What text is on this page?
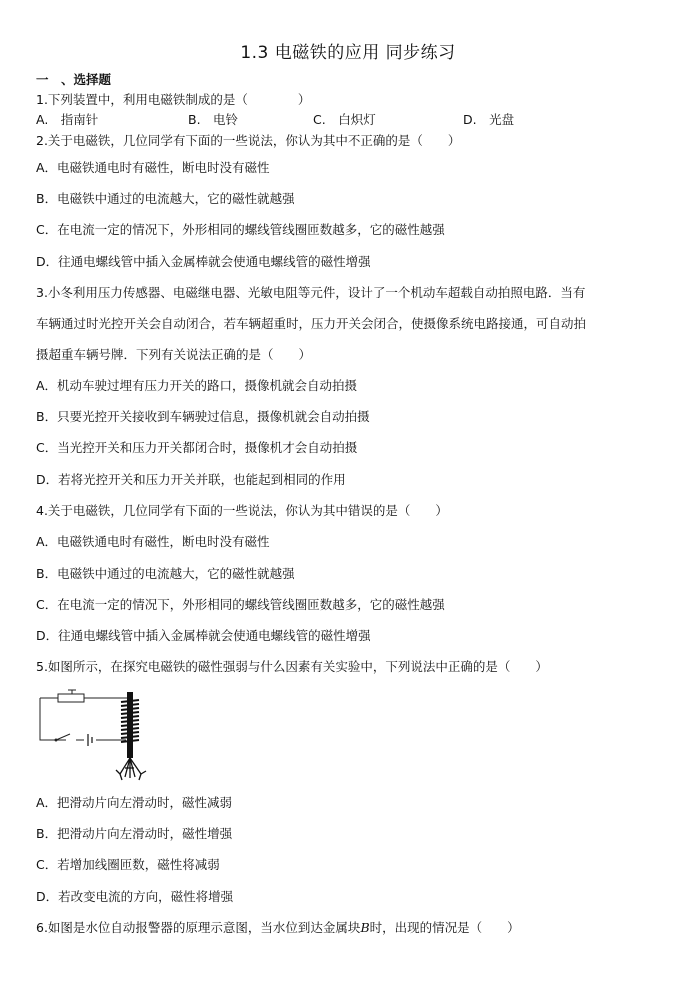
1.3 电磁铁的应用 同步练习
一　、选择题
1.下列装置中，利用电磁铁制成的是（　　　　）
A.　指南针	B.　电铃	C.　白炽灯	D.　光盘
2.关于电磁铁，几位同学有下面的一些说法，你认为其中不正确的是（　　）
A．电磁铁通电时有磁性，断电时没有磁性
B．电磁铁中通过的电流越大，它的磁性就越强
C．在电流一定的情况下，外形相同的螺线管线圈匝数越多，它的磁性越强
D．往通电螺线管中插入金属棒就会使通电螺线管的磁性增强
3.小冬利用压力传感器、电磁继电器、光敏电阻等元件，设计了一个机动车超载自动拍照电路．当有
车辆通过时光控开关会自动闭合，若车辆超重时，压力开关会闭合，使摄像系统电路接通，可自动拍
摄超重车辆号牌．下列有关说法正确的是（　　）
A．机动车驶过埋有压力开关的路口，摄像机就会自动拍摄
B．只要光控开关接收到车辆驶过信息，摄像机就会自动拍摄
C．当光控开关和压力开关都闭合时，摄像机才会自动拍摄
D．若将光控开关和压力开关并联，也能起到相同的作用
4.关于电磁铁，几位同学有下面的一些说法，你认为其中错误的是（　　）
A．电磁铁通电时有磁性，断电时没有磁性
B．电磁铁中通过的电流越大，它的磁性就越强
C．在电流一定的情况下，外形相同的螺线管线圈匝数越多，它的磁性越强
D．往通电螺线管中插入金属棒就会使通电螺线管的磁性增强
5.如图所示，在探究电磁铁的磁性强弱与什么因素有关实验中，下列说法中正确的是（　　）
A．把滑动片向左滑动时，磁性减弱
B．把滑动片向左滑动时，磁性增强
C．若增加线圈匝数，磁性将减弱
D．若改变电流的方向，磁性将增强
6.如图是水位自动报警器的原理示意图，当水位到达金属块B时，出现的情况是（　　）
